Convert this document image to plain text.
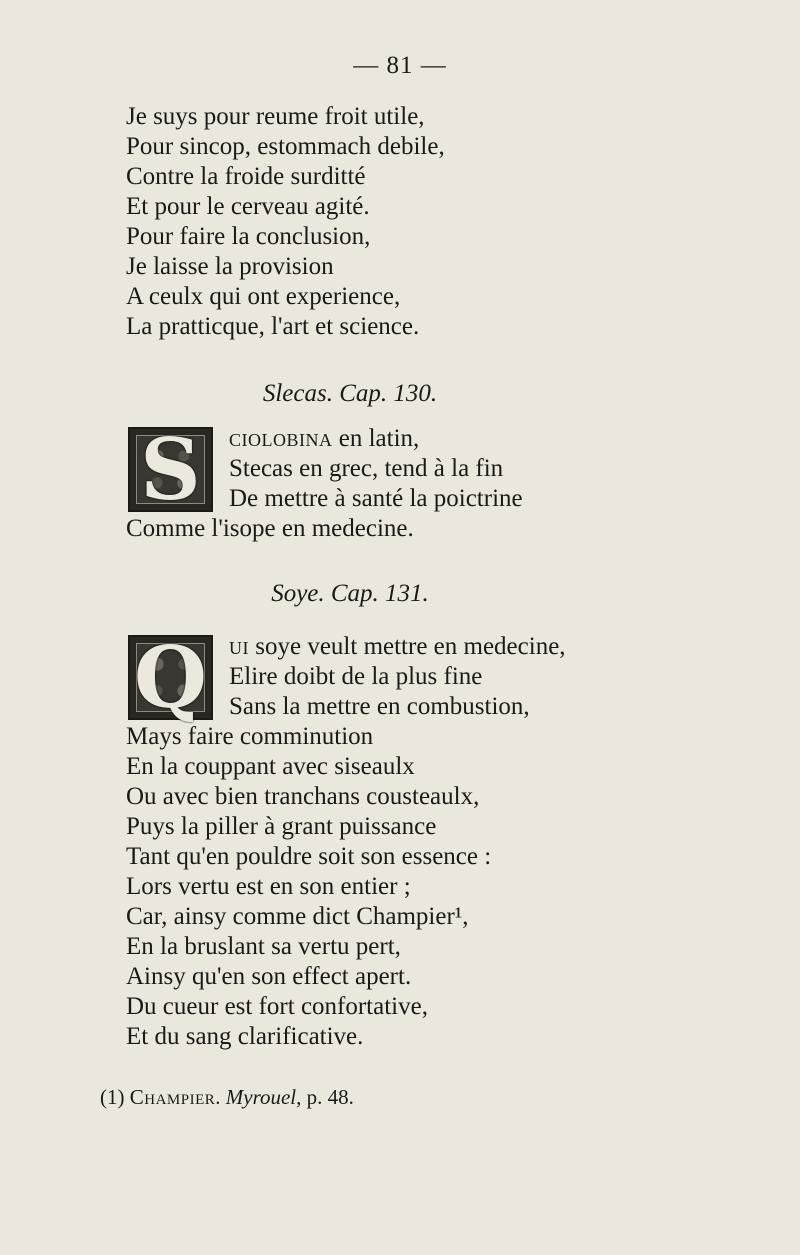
— 81 —
Je suys pour reume froit utile,
Pour sincop, estommach debile,
Contre la froide surditté
Et pour le cerveau agité.
Pour faire la conclusion,
Je laisse la provision
A ceulx qui ont experience,
La pratticque, l'art et science.
Slecas. Cap. 130.
S	ciolobina en latin,
Stecas en grec, tend à la fin
De mettre à santé la poictrine
Comme l'isope en medecine.
Soye. Cap. 131.
Q ui soye veult mettre en medecine,
Elire doibt de la plus fine
Sans la mettre en combustion,
Mays faire comminution
En la couppant avec siseaulx
Ou avec bien tranchans cousteaulx,
Puys la piller à grant puissance
Tant qu'en pouldre soit son essence :
Lors vertu est en son entier ;
Car, ainsy comme dict Champier¹,
En la bruslant sa vertu pert,
Ainsy qu'en son effect apert.
Du cueur est fort confortative,
Et du sang clarificative.
(1) Champier. Myrouel, p. 48.
